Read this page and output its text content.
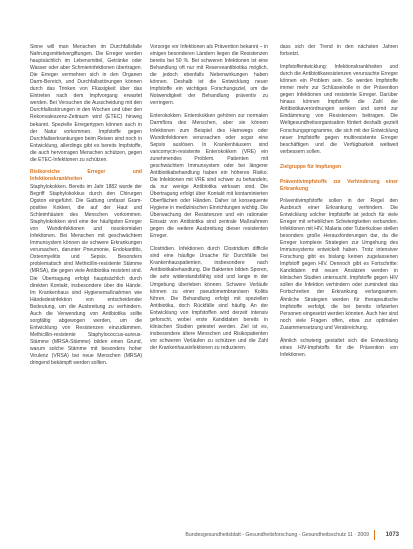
Sinne will man Menschen im Durchfallsfalle Nahrungsmittelvergiftungen. Die Erreger werden hauptsächlich im Lebensmittel, Getränke oder Wasser oder aber Schmierinfektionen übertragen. Die Erreger vermehren sich in den Organen Darm-Bereich, und Durchfallsstörungen können durch das Trinken von Flüssigkeit über das Eintreten nach dem Impfvorgang erwartet werden. Bei Versuchen die Ausscheidung mit den Durchfallsstörungen in den Wochen und über den Rekonvaleszenz-Zeitraum wird (ETEC) hinweg bekannt. Spezielle Erregertypen können auch in der Natur vorkommen. Impfstoffe gegen Durchfallserkrankungen beim Reisen sind noch in Entwicklung, allerdings gibt es bereits Impfstoffe, die auch hervorragen Menschen schützen, gegen die ETEC-Infektionen zu schützen.

Risikoreiche Erreger und Infektionskrankheiten

Staphylokokken. Bereits im Jahr 1882 wurde der Begriff Staphylokokkus durch den Chirurgen Ogston eingeführt. Die Gattung umfasst Gram-positive Kokken, die auf der Haut und Schleimhäuten des Menschen vorkommen. Staphylokokken sind eine der häufigsten Erreger von Wundinfektionen und nosokomialen Infektionen. Bei Menschen mit geschwächtem Immunsystem können sie schwere Erkrankungen verursachen, darunter Pneumonie, Endokarditis, Osteomyelitis und Sepsis. Besonders problematisch sind Methicillin-resistente Stämme (MRSA), die gegen viele Antibiotika resistent sind. Die Übertragung erfolgt hauptsächlich durch direkten Kontakt, insbesondere über die Hände. Im Krankenhaus sind Hygienemaßnahmen wie Händedesinfektion von entscheidender Bedeutung, um die Ausbreitung zu verhindern. Auch die Verwendung von Antibiotika sollte sorgfältig abgewogen werden, um die Entwicklung von Resistenzen einzudämmen. Methicillin-resistente Staphylococcus-aureus-Stämme (MRSA-Stämme) bilden einen Grund, warum solche Stämme mit besonders hoher Virulenz (VRSA) bei neue Menschen (MRSA) dringend bekämpft werden sollten.

Vorsorge vor Infektionen als Prävention bekannt – in einigen besonderen Ländern liegen die Resistenzen bereits bei 50 %. Bei schweren Infektionen ist eine Behandlung oft nur mit Reserveantibiotika möglich, die jedoch ebenfalls Nebenwirkungen haben können. Deshalb ist die Entwicklung neuer Impfstoffe ein wichtiges Forschungsziel, um die Notwendigkeit der Behandlung präventiv zu verringern.

Enterokokken. Enterokokken gehören zur normalen Darmflora des Menschen, aber sie können Infektionen zum Beispiel des Harnwegs oder Wundinfektionen verursachen oder sogar eine Sepsis auslösen. In Krankenhäusern sind vancomycin-resistente Enterokokken (VRE) ein zunehmendes Problem. Patienten mit geschwächtem Immunsystem oder bei längerer Antibiotikabehandlung haben ein höheres Risiko. Die Infektionen mit VRE sind schwer zu behandeln, da nur wenige Antibiotika wirksam sind. Die Übertragung erfolgt über Kontakt mit kontaminierten Oberflächen oder Händen. Daher ist konsequente Hygiene in medizinischen Einrichtungen wichtig. Die Überwachung der Resistenzen und ein rationaler Einsatz von Antibiotika sind zentrale Maßnahmen gegen die weitere Ausbreitung dieser resistenten Erreger.

Clostridien. Infektionen durch Clostridium difficile sind eine häufige Ursache für Durchfälle bei Krankenhauspatienten, insbesondere nach Antibiotikabehandlung. Die Bakterien bilden Sporen, die sehr widerstandsfähig sind und lange in der Umgebung überleben können. Schwere Verläufe können zu einer pseudomembranösen Kolitis führen. Die Behandlung erfolgt mit speziellen Antibiotika, doch Rückfälle sind häufig. An der Entwicklung von Impfstoffen wird derzeit intensiv geforscht, wobei erste Kandidaten bereits in klinischen Studien getestet werden. Ziel ist es, insbesondere ältere Menschen und Risikopatienten vor schweren Verläufen zu schützen und die Zahl der Krankenhausinfektionen zu reduzieren.

dass sich der Trend in den nächsten Jahren fortsetzt.

Impfstoffentwicklung: Infektionskrankheiten und durch die Antibiotikaresistenzen verursachte Erreger können ein Problem sein. So werden Impfstoffe immer mehr zur Schlüsselrolle in der Prävention gegen Infektionen und resistente Erreger. Darüber hinaus können Impfstoffe die Zahl der Antibiotikaverordnungen senken und somit zur Eindämmung von Resistenzen beitragen. Die Weltgesundheitsorganisation fördert deshalb gezielt Forschungsprogramme, die sich mit der Entwicklung neuer Impfstoffe gegen multiresistente Erreger beschäftigen und die Verfügbarkeit weltweit verbessern sollen.

Zielgruppe für Impfungen
Präventivimpfstoffe zur Verhinderung einer Erkrankung

Präventivimpfstoffe sollen in der Regel den Ausbruch einer Erkrankung verhindern. Die Entwicklung solcher Impfstoffe ist jedoch für viele Erreger mit erheblichen Schwierigkeiten verbunden. Infektionen mit HIV, Malaria oder Tuberkulose stellen besonders große Herausforderungen dar, da die Erreger komplexe Strategien zur Umgehung des Immunsystems entwickelt haben. Trotz intensiver Forschung gibt es bislang keinen zugelassenen Impfstoff gegen HIV. Dennoch gibt es Fortschritte: Kandidaten mit neuen Ansätzen werden in klinischen Studien untersucht. Impfstoffe gegen HIV sollen die Infektion verhindern oder zumindest das Fortschreiten der Erkrankung verlangsamen. Ähnliche Strategien werden für therapeutische Impfstoffe verfolgt, die bei bereits infizierten Personen eingesetzt werden könnten. Auch hier sind noch viele Fragen offen, etwa zur optimalen Zusammensetzung und Verabreichung.

Ähnlich schwierig gestaltet sich die Entwicklung eines HIV-Impfstoffs für die Prävention von Infektionen.

Bundesgesundheitsblatt - Gesundheitsforschung - Gesundheitsschutz 11 · 2009	1073
